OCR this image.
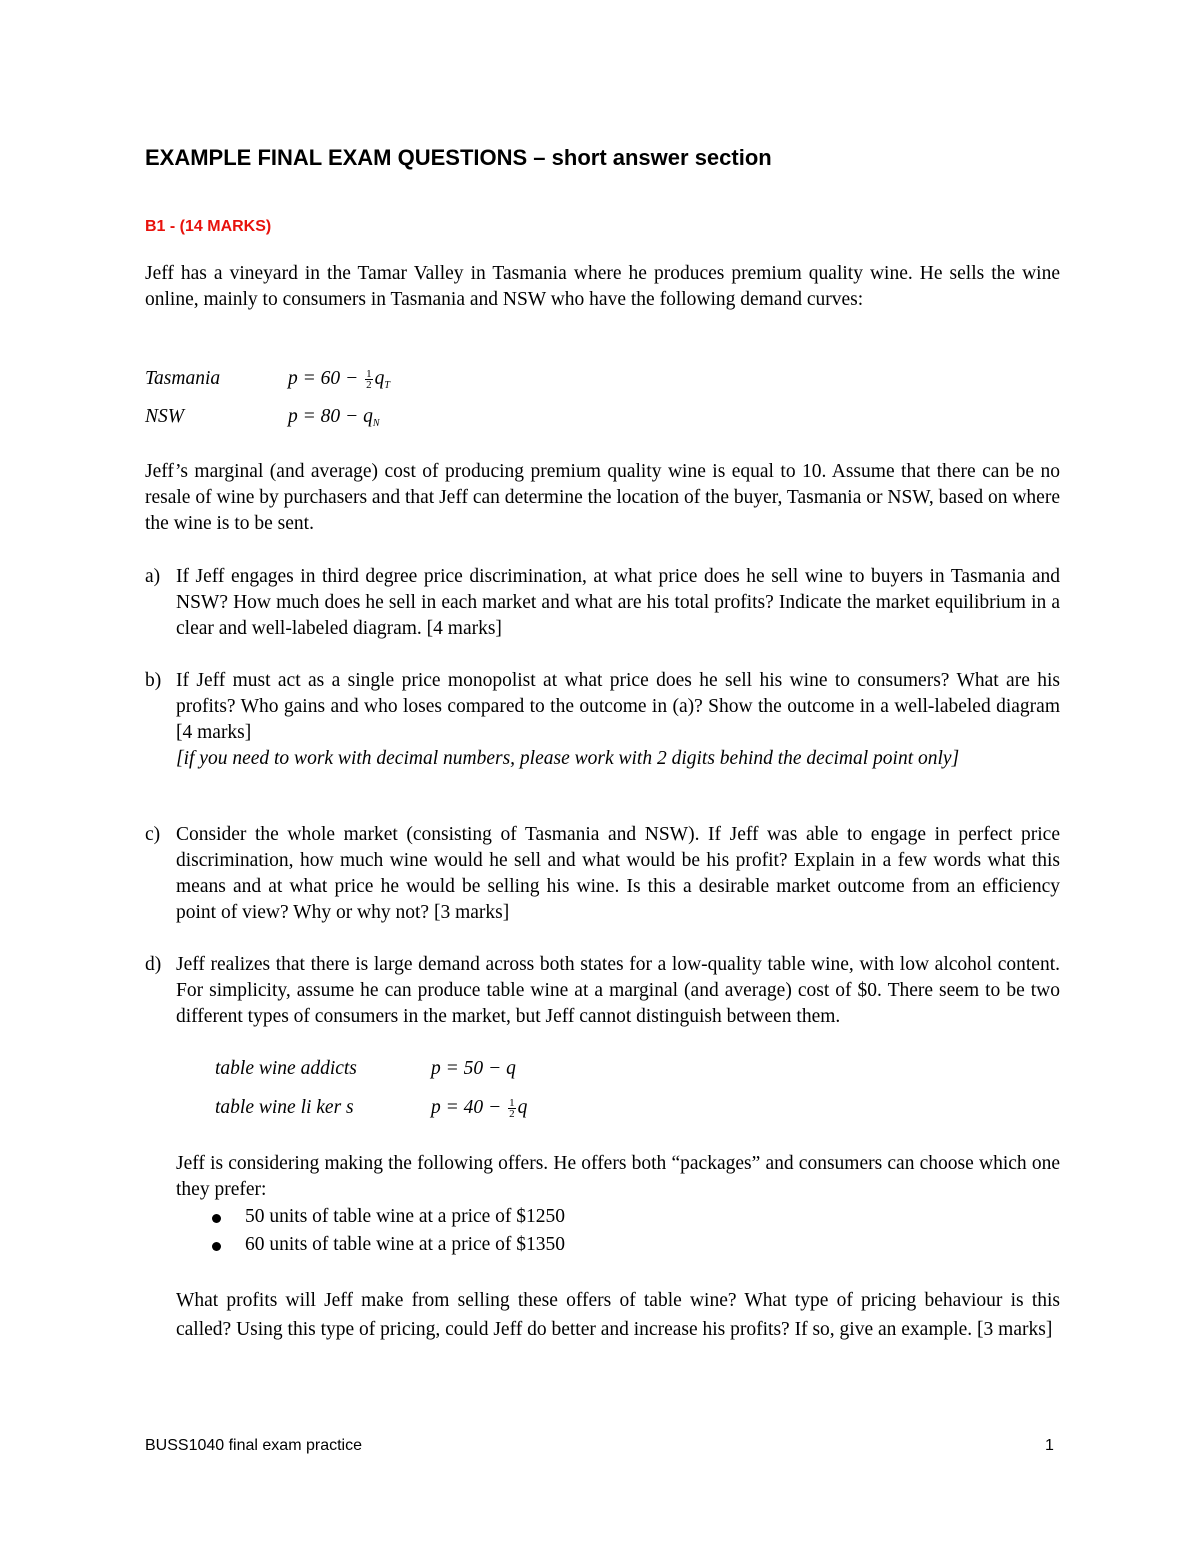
EXAMPLE FINAL EXAM QUESTIONS – short answer section
B1 - (14 MARKS)
Jeff has a vineyard in the Tamar Valley in Tasmania where he produces premium quality wine. He sells the wine online, mainly to consumers in Tasmania and NSW who have the following demand curves:
Tasmania	$p = 60 - \frac{1}{2} q_T$
NSW	$p = 80 - q_N$
Jeff’s marginal (and average) cost of producing premium quality wine is equal to 10. Assume that there can be no resale of wine by purchasers and that Jeff can determine the location of the buyer, Tasmania or NSW, based on where the wine is to be sent.
a) If Jeff engages in third degree price discrimination, at what price does he sell wine to buyers in Tasmania and NSW? How much does he sell in each market and what are his total profits? Indicate the market equilibrium in a clear and well-labeled diagram. [4 marks]
b) If Jeff must act as a single price monopolist at what price does he sell his wine to consumers? What are his profits? Who gains and who loses compared to the outcome in (a)? Show the outcome in a well-labeled diagram [4 marks]
[if you need to work with decimal numbers, please work with 2 digits behind the decimal point only]
c) Consider the whole market (consisting of Tasmania and NSW). If Jeff was able to engage in perfect price discrimination, how much wine would he sell and what would be his profit? Explain in a few words what this means and at what price he would be selling his wine. Is this a desirable market outcome from an efficiency point of view? Why or why not? [3 marks]
d) Jeff realizes that there is large demand across both states for a low-quality table wine, with low alcohol content. For simplicity, assume he can produce table wine at a marginal (and average) cost of $0. There seem to be two different types of consumers in the market, but Jeff cannot distinguish between them.
table wine addicts	p = 50 − q
table wine li ker s	$p = 40 - \frac{1}{2}$ q
Jeff is considering making the following offers. He offers both “packages” and consumers can choose which one they prefer:
50 units of table wine at a price of $1250
60 units of table wine at a price of $1350
What profits will Jeff make from selling these offers of table wine? What type of pricing behaviour is this called? Using this type of pricing, could Jeff do better and increase his profits? If so, give an example. [3 marks]
BUSS1040 final exam practice	1
